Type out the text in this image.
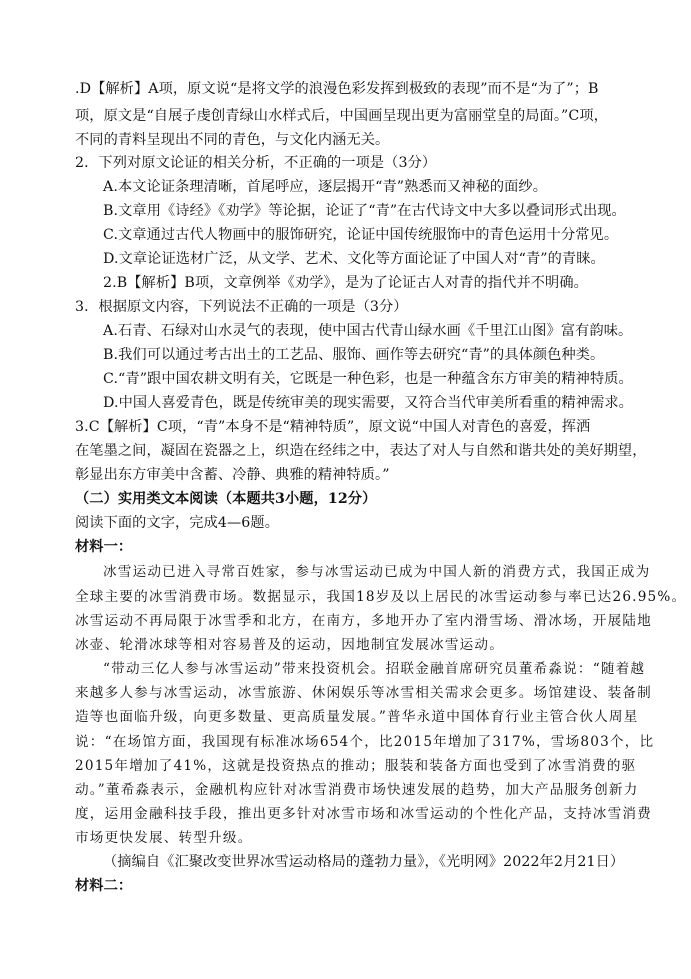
.D【解析】A项，原文说“是将文学的浪漫色彩发挥到极致的表现”而不是“为了”；B
项，原文是“自展子虔创青绿山水样式后，中国画呈现出更为富丽堂皇的局面。”C项，
不同的青料呈现出不同的青色，与文化内涵无关。
2．下列对原文论证的相关分析，不正确的一项是（3分）
A.本文论证条理清晰，首尾呼应，逐层揭开“青”熟悉而又神秘的面纱。
B.文章用《诗经》《劝学》等论据，论证了“青”在古代诗文中大多以叠词形式出现。
C.文章通过古代人物画中的服饰研究，论证中国传统服饰中的青色运用十分常见。
D.文章论证选材广泛，从文学、艺术、文化等方面论证了中国人对“青”的青睐。
2.B【解析】B项，文章例举《劝学》，是为了论证古人对青的指代并不明确。
3．根据原文内容，下列说法不正确的一项是（3分）
A.石青、石绿对山水灵气的表现，使中国古代青山绿水画《千里江山图》富有韵味。
B.我们可以通过考古出土的工艺品、服饰、画作等去研究“青”的具体颜色种类。
C.“青”跟中国农耕文明有关，它既是一种色彩，也是一种蕴含东方审美的精神特质。
D.中国人喜爱青色，既是传统审美的现实需要，又符合当代审美所看重的精神需求。
3.C【解析】C项，“青”本身不是“精神特质”，原文说“中国人对青色的喜爱，挥洒
在笔墨之间，凝固在瓷器之上，织造在经纬之中，表达了对人与自然和谐共处的美好期望，
彰显出东方审美中含蓄、冷静、典雅的精神特质。”
（二）实用类文本阅读（本题共3小题，12分）
阅读下面的文字，完成4—6题。
材料一：
冰雪运动已进入寻常百姓家，参与冰雪运动已成为中国人新的消费方式，我国正成为
全球主要的冰雪消费市场。数据显示，我国18岁及以上居民的冰雪运动参与率已达26.95%。
冰雪运动不再局限于冰雪季和北方，在南方，多地开办了室内滑雪场、滑冰场，开展陆地
冰壶、轮滑冰球等相对容易普及的运动，因地制宜发展冰雪运动。
“带动三亿人参与冰雪运动”带来投资机会。招联金融首席研究员董希淼说：“随着越
来越多人参与冰雪运动，冰雪旅游、休闲娱乐等冰雪相关需求会更多。场馆建设、装备制
造等也面临升级，向更多数量、更高质量发展。”普华永道中国体育行业主管合伙人周星
说：“在场馆方面，我国现有标准冰场654个，比2015年增加了317%，雪场803个，比
2015年增加了41%，这就是投资热点的推动；服装和装备方面也受到了冰雪消费的驱
动。”董希淼表示，金融机构应针对冰雪消费市场快速发展的趋势，加大产品服务创新力
度，运用金融科技手段，推出更多针对冰雪市场和冰雪运动的个性化产品，支持冰雪消费
市场更快发展、转型升级。
（摘编自《汇聚改变世界冰雪运动格局的蓬勃力量》，《光明网》2022年2月21日）
材料二：
